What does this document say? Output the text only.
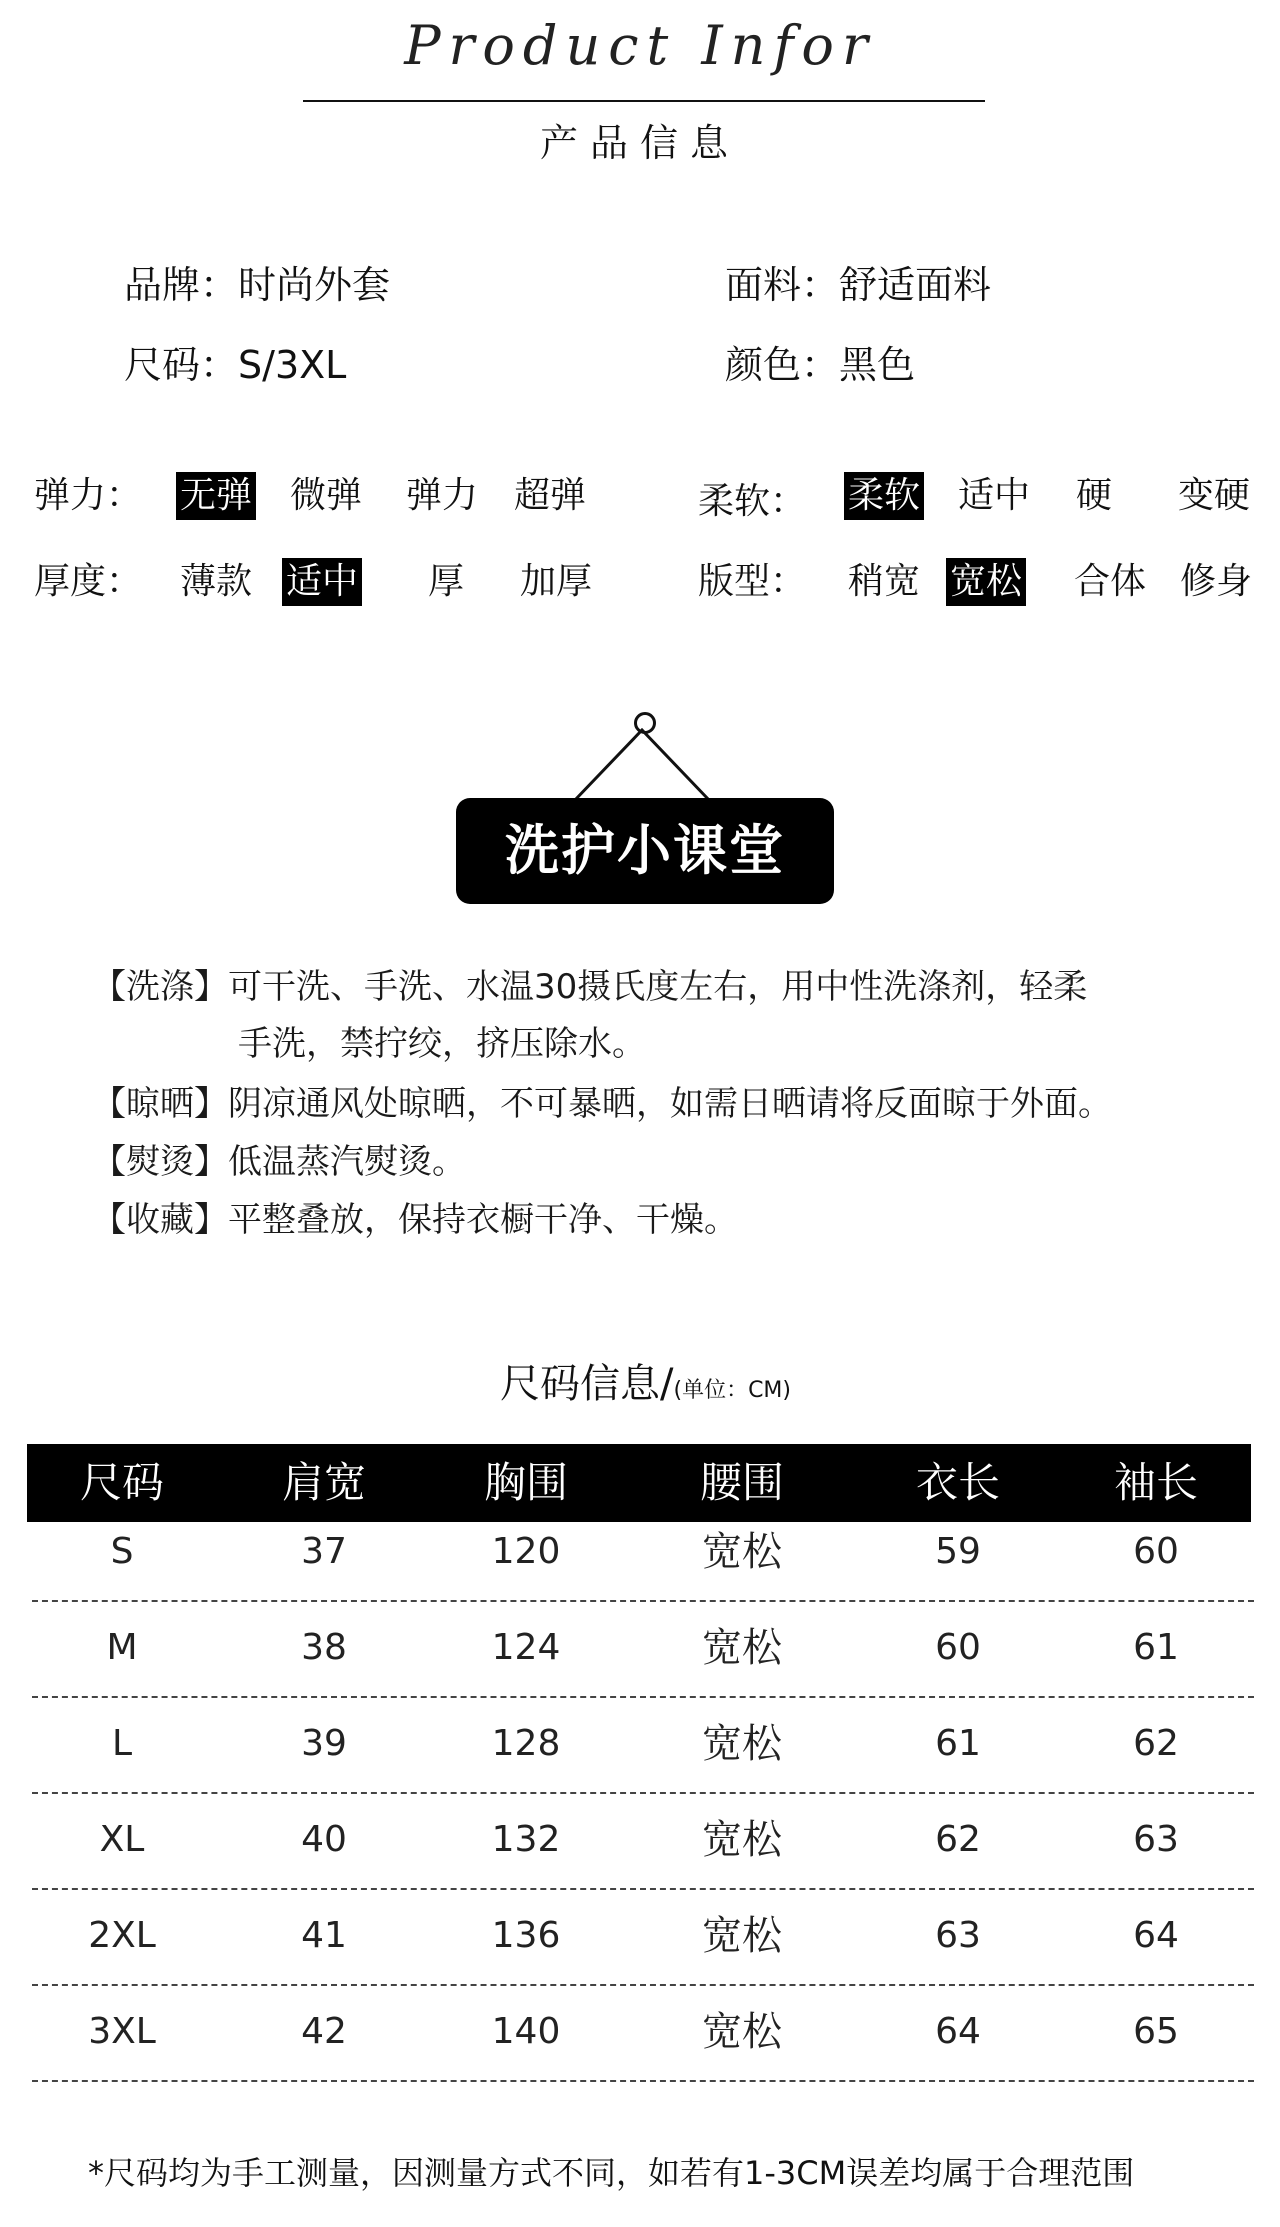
Product Infor
产品信息
品牌：时尚外套	面料：舒适面料
尺码：S/3XL	颜色：黑色
弹力： 无弹 微弹 弹力 超弹	柔软： 柔软 适中 硬 变硬
厚度： 薄款 适中 厚 加厚	版型： 稍宽 宽松 合体 修身
洗护小课堂
【洗涤】可干洗、手洗、水温30摄氏度左右，用中性洗涤剂，轻柔
手洗，禁拧绞，挤压除水。
【晾晒】阴凉通风处晾晒，不可暴晒，如需日晒请将反面晾于外面。
【熨烫】低温蒸汽熨烫。
【收藏】平整叠放，保持衣橱干净、干燥。
尺码信息/(单位：CM)
尺码	肩宽	胸围	腰围	衣长	袖长
S	37	120	宽松	59	60
M	38	124	宽松	60	61
L	39	128	宽松	61	62
XL	40	132	宽松	62	63
2XL	41	136	宽松	63	64
3XL	42	140	宽松	64	65
*尺码均为手工测量，因测量方式不同，如若有1-3CM误差均属于合理范围
